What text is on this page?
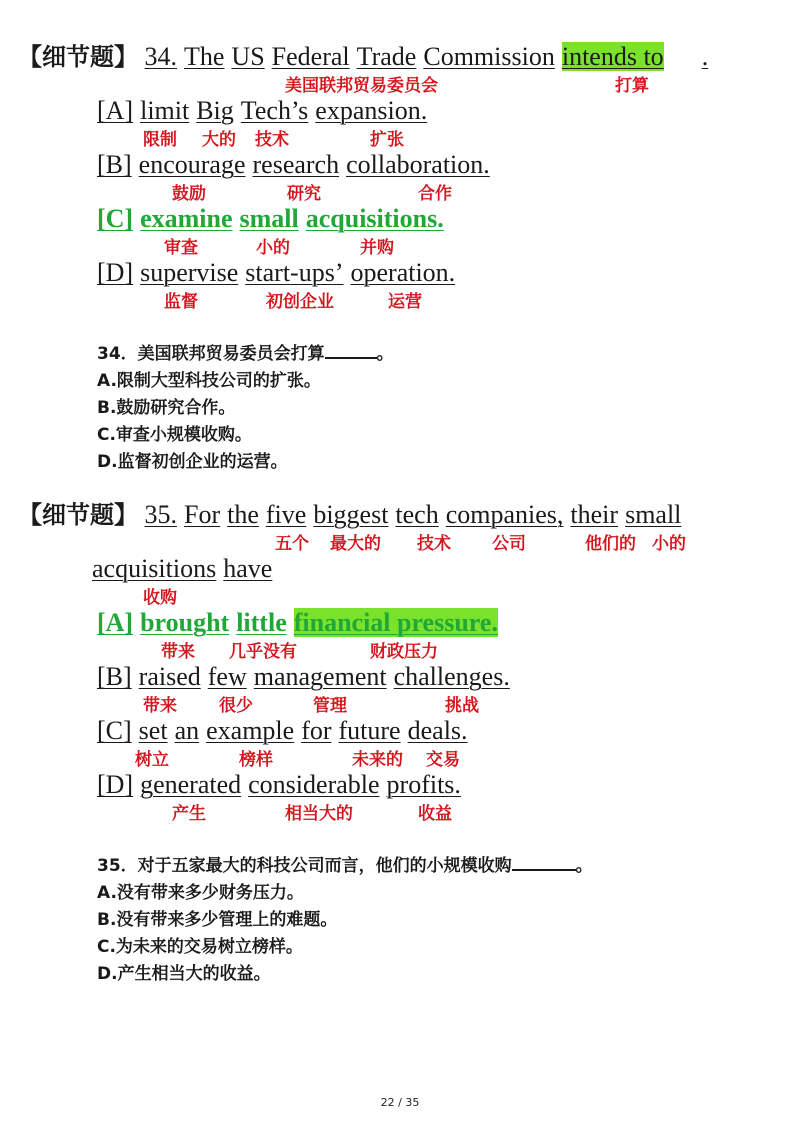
【细节题】 34. The US Federal Trade Commission intends to .
美国联邦贸易委员会	打算
[A] limit Big Tech’s expansion.
限制 大的 技术	扩张
[B] encourage research collaboration.
鼓励	研究	合作
[C] examine small acquisitions.
审查	小的	并购
[D] supervise start-ups’ operation.
监督	初创企业	运营
34．美国联邦贸易委员会打算	。
A.限制大型科技公司的扩张。
B.鼓励研究合作。
C.审查小规模收购。
D.监督初创企业的运营。
【细节题】 35. For the five biggest tech companies, their small
五个 最大的 技术 公司	他们的 小的
acquisitions have
收购
[A] brought little financial pressure.
带来 几乎没有	财政压力
[B] raised few management challenges.
带来 很少	管理	挑战
[C] set an example for future deals.
树立	榜样	未来的 交易
[D] generated considerable profits.
产生	相当大的	收益
35．对于五家最大的科技公司而言，他们的小规模收购	。
A.没有带来多少财务压力。
B.没有带来多少管理上的难题。
C.为未来的交易树立榜样。
D.产生相当大的收益。
22 / 35
